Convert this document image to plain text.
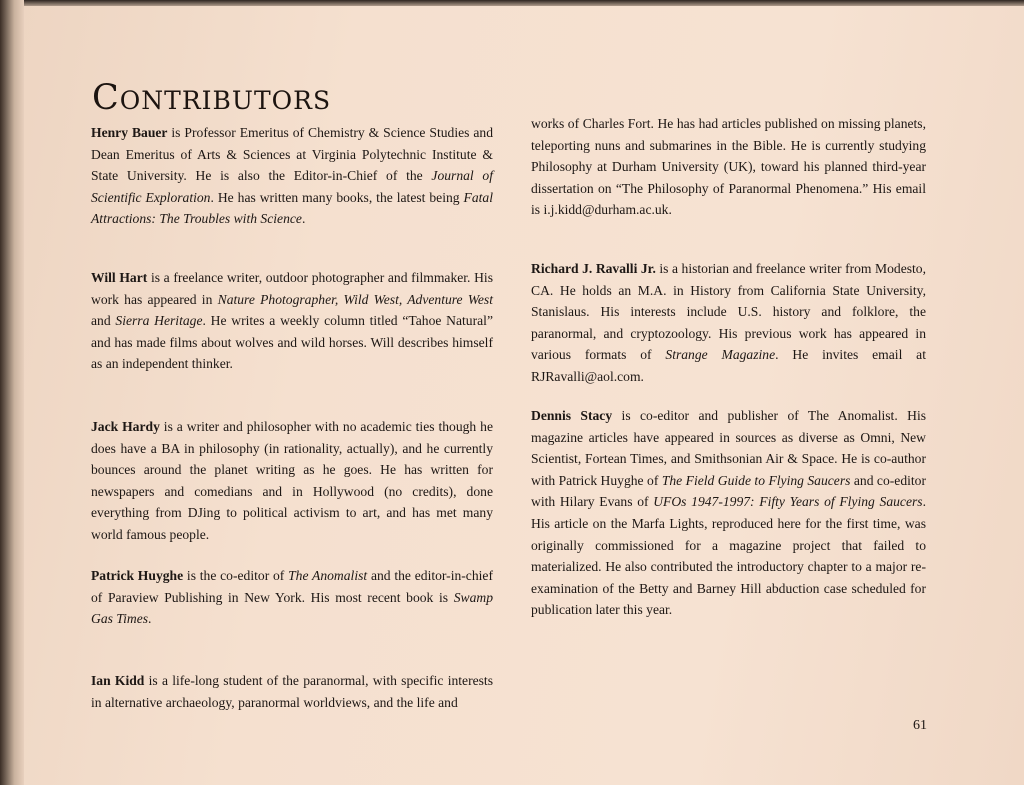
Contributors
Henry Bauer is Professor Emeritus of Chemistry & Science Studies and Dean Emeritus of Arts & Sciences at Virginia Polytechnic Institute & State University. He is also the Editor-in-Chief of the Journal of Scientific Exploration. He has written many books, the latest being Fatal Attractions: The Troubles with Science.
Will Hart is a freelance writer, outdoor photographer and filmmaker. His work has appeared in Nature Photographer, Wild West, Adventure West and Sierra Heritage. He writes a weekly column titled “Tahoe Natural” and has made films about wolves and wild horses. Will describes himself as an independent thinker.
Jack Hardy is a writer and philosopher with no academic ties though he does have a BA in philosophy (in rationality, actually), and he currently bounces around the planet writing as he goes. He has written for newspapers and comedians and in Hollywood (no credits), done everything from DJing to political activism to art, and has met many world famous people.
Patrick Huyghe is the co-editor of The Anomalist and the editor-in-chief of Paraview Publishing in New York. His most recent book is Swamp Gas Times.
Ian Kidd is a life-long student of the paranormal, with specific interests in alternative archaeology, paranormal worldviews, and the life and
works of Charles Fort. He has had articles published on missing planets, teleporting nuns and submarines in the Bible. He is currently studying Philosophy at Durham University (UK), toward his planned third-year dissertation on “The Philosophy of Paranormal Phenomena.” His email is i.j.kidd@durham.ac.uk.
Richard J. Ravalli Jr. is a historian and freelance writer from Modesto, CA. He holds an M.A. in History from California State University, Stanislaus. His interests include U.S. history and folklore, the paranormal, and cryptozoology. His previous work has appeared in various formats of Strange Magazine. He invites email at RJRavalli@aol.com.
Dennis Stacy is co-editor and publisher of The Anomalist. His magazine articles have appeared in sources as diverse as Omni, New Scientist, Fortean Times, and Smithsonian Air & Space. He is co-author with Patrick Huyghe of The Field Guide to Flying Saucers and co-editor with Hilary Evans of UFOs 1947-1997: Fifty Years of Flying Saucers. His article on the Marfa Lights, reproduced here for the first time, was originally commissioned for a magazine project that failed to materialized. He also contributed the introductory chapter to a major re-examination of the Betty and Barney Hill abduction case scheduled for publication later this year.
61
